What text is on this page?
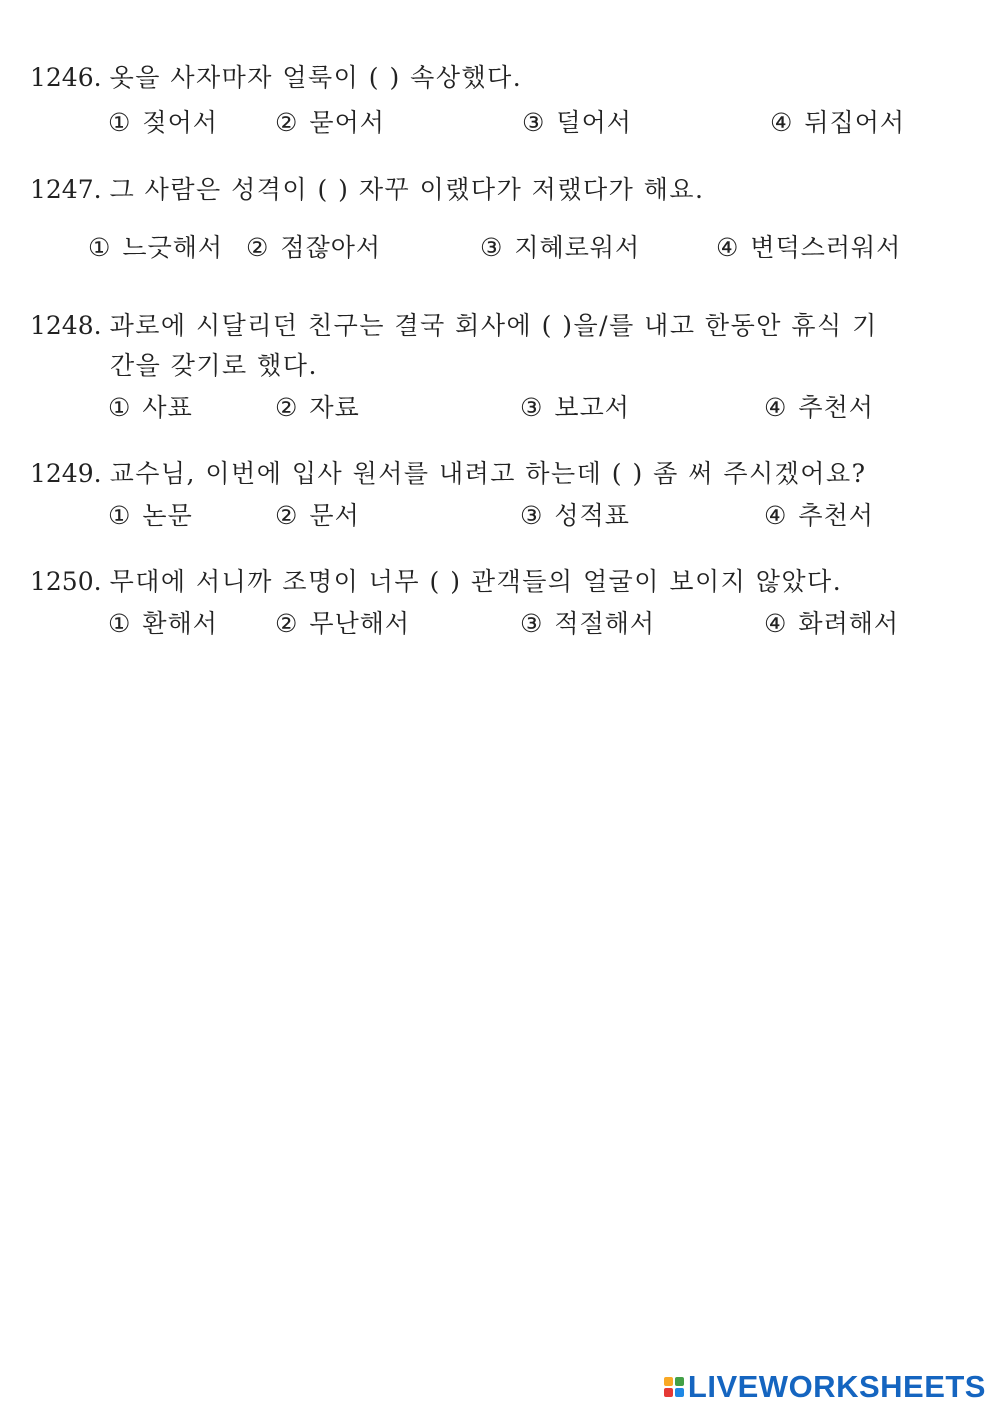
1246. 옷을 사자마자 얼룩이 ( ) 속상했다.
① 젖어서 ② 묻어서	③ 덜어서	④ 뒤집어서
1247. 그 사람은 성격이 ( ) 자꾸 이랬다가 저랬다가 해요.
① 느긋해서 ② 점잖아서	③ 지혜로워서	④ 변덕스러워서
1248. 과로에 시달리던 친구는 결국 회사에 ( )을/를 내고 한동안 휴식 기
간을 갖기로 했다.
① 사표	② 자료	③ 보고서	④ 추천서
1249. 교수님, 이번에 입사 원서를 내려고 하는데 ( ) 좀 써 주시겠어요?
① 논문	② 문서	③ 성적표	④ 추천서
1250. 무대에 서니까 조명이 너무 ( ) 관객들의 얼굴이 보이지 않았다.
① 환해서 ② 무난해서	③ 적절해서	④ 화려해서
LIVEWORKSHEETS
